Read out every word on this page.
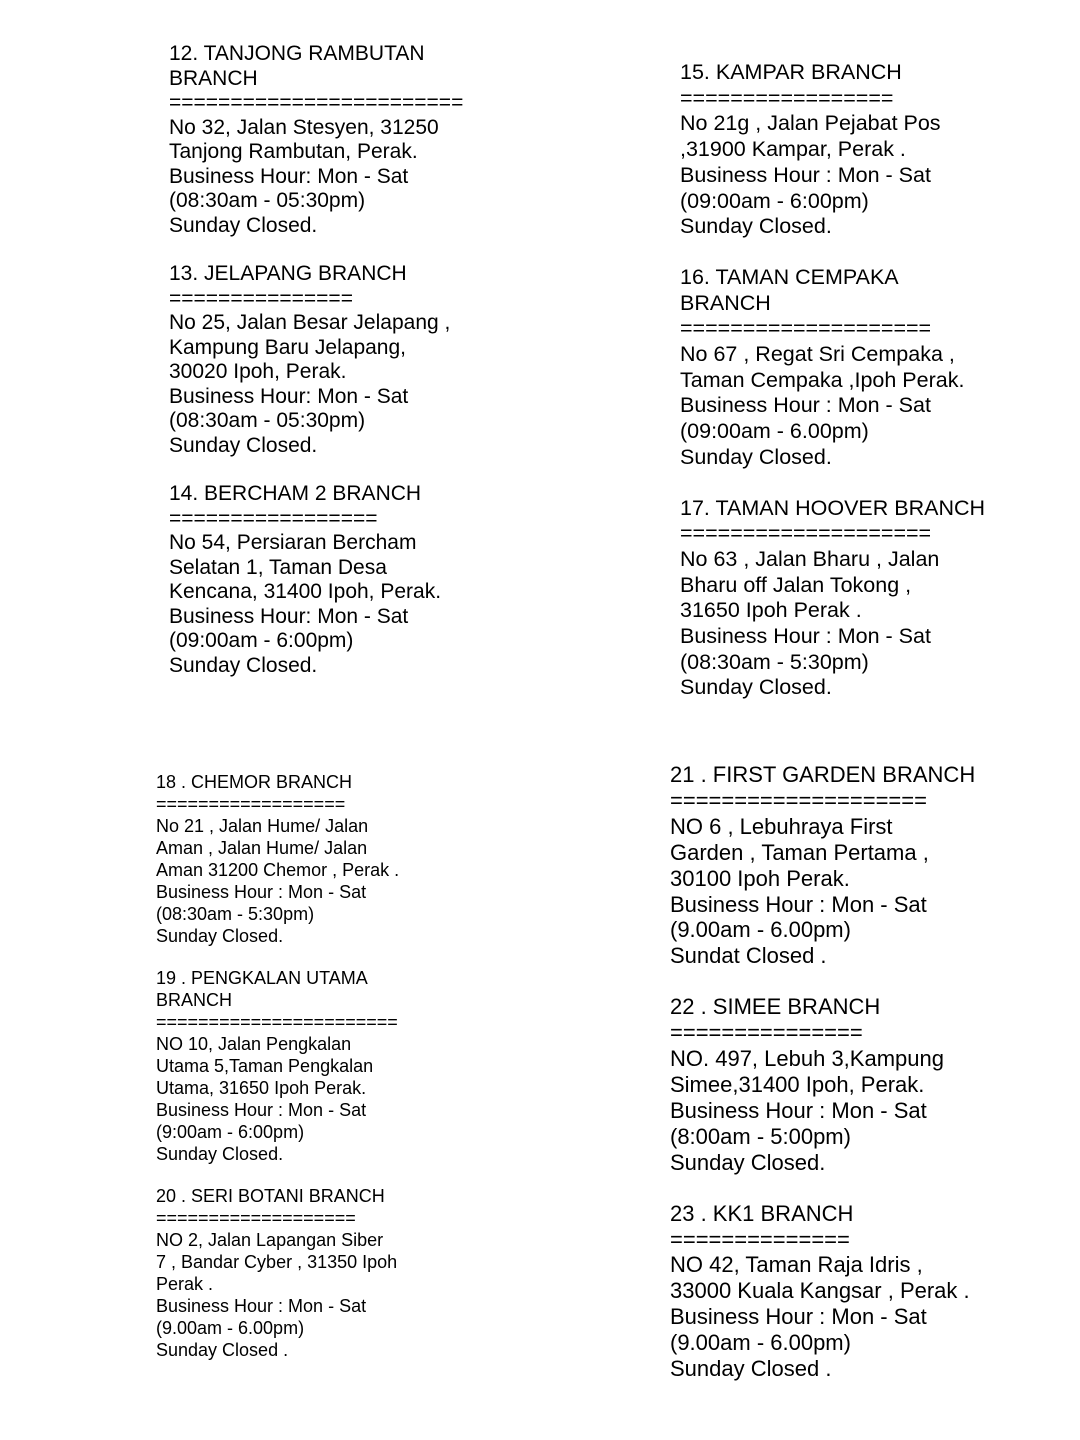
12. TANJONG RAMBUTAN
BRANCH
========================
No 32, Jalan Stesyen, 31250
Tanjong Rambutan, Perak.
Business Hour: Mon - Sat
(08:30am - 05:30pm)
Sunday Closed.
13. JELAPANG BRANCH
===============
No 25, Jalan Besar Jelapang ,
Kampung Baru Jelapang,
30020 Ipoh, Perak.
Business Hour: Mon - Sat
(08:30am - 05:30pm)
Sunday Closed.
14. BERCHAM 2 BRANCH
=================
No 54, Persiaran Bercham
Selatan 1, Taman Desa
Kencana, 31400 Ipoh, Perak.
Business Hour: Mon - Sat
(09:00am - 6:00pm)
Sunday Closed.
15. KAMPAR BRANCH
=================
No 21g , Jalan Pejabat Pos
,31900 Kampar, Perak .
Business Hour : Mon - Sat
(09:00am - 6:00pm)
Sunday Closed.
16. TAMAN CEMPAKA
BRANCH
====================
No 67 , Regat Sri Cempaka ,
Taman Cempaka ,Ipoh Perak.
Business Hour : Mon - Sat
(09:00am - 6.00pm)
Sunday Closed.
17. TAMAN HOOVER BRANCH
====================
No 63 , Jalan Bharu , Jalan
Bharu off Jalan Tokong ,
31650 Ipoh Perak .
Business Hour : Mon - Sat
(08:30am - 5:30pm)
Sunday Closed.
18 . CHEMOR BRANCH
==================
No 21 , Jalan Hume/ Jalan
Aman , Jalan Hume/ Jalan
Aman 31200 Chemor , Perak .
Business Hour : Mon - Sat
(08:30am - 5:30pm)
Sunday Closed.
19 . PENGKALAN UTAMA
BRANCH
=======================
NO 10, Jalan Pengkalan
Utama 5,Taman Pengkalan
Utama, 31650 Ipoh Perak.
Business Hour : Mon - Sat
(9:00am - 6:00pm)
Sunday Closed.
20 . SERI BOTANI BRANCH
===================
NO 2, Jalan Lapangan Siber
7 , Bandar Cyber , 31350 Ipoh
Perak .
Business Hour : Mon - Sat
(9.00am - 6.00pm)
Sunday Closed .
21 . FIRST GARDEN BRANCH
====================
NO 6 , Lebuhraya First
Garden , Taman Pertama ,
30100 Ipoh Perak.
Business Hour : Mon - Sat
(9.00am - 6.00pm)
Sundat Closed .
22 . SIMEE BRANCH
===============
NO. 497, Lebuh 3,Kampung
Simee,31400 Ipoh, Perak.
Business Hour : Mon - Sat
(8:00am - 5:00pm)
Sunday Closed.
23 . KK1 BRANCH
==============
NO 42, Taman Raja Idris ,
33000 Kuala Kangsar , Perak .
Business Hour : Mon - Sat
(9.00am - 6.00pm)
Sunday Closed .
